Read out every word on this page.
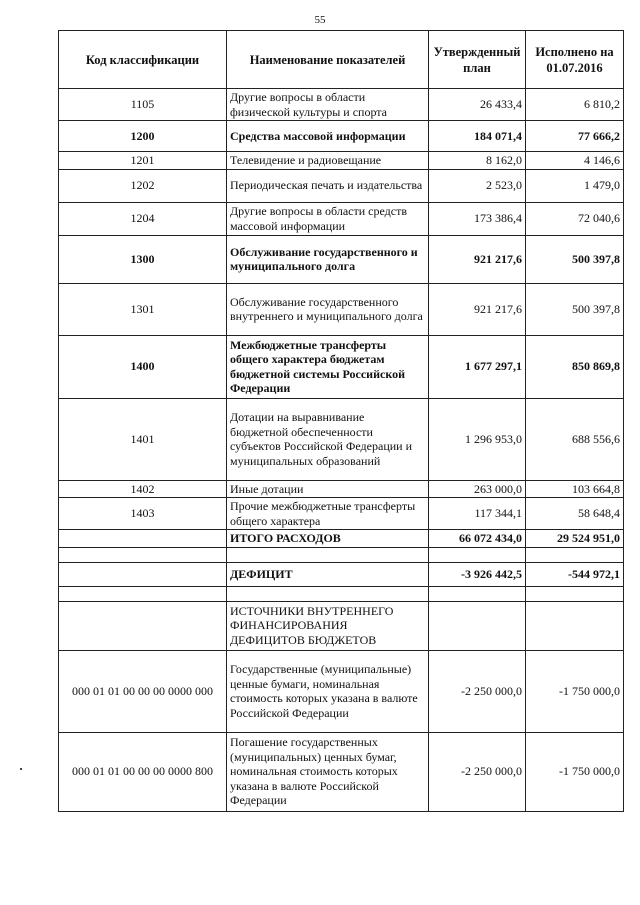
55
Код классификации	Наименование показателей	Утвержденный план	Исполнено на 01.07.2016
1105	Другие вопросы в области физической культуры и спорта	26 433,4	6 810,2
1200	Средства массовой информации	184 071,4	77 666,2
1201	Телевидение и радиовещание	8 162,0	4 146,6
1202	Периодическая печать и издательства	2 523,0	1 479,0
1204	Другие вопросы в области средств массовой информации	173 386,4	72 040,6
1300	Обслуживание государственного и муниципального долга	921 217,6	500 397,8
1301	Обслуживание государственного внутреннего и муниципального долга	921 217,6	500 397,8
1400	Межбюджетные трансферты общего характера бюджетам бюджетной системы Российской Федерации	1 677 297,1	850 869,8
1401	Дотации на выравнивание бюджетной обеспеченности субъектов Российской Федерации и муниципальных образований	1 296 953,0	688 556,6
1402	Иные дотации	263 000,0	103 664,8
1403	Прочие межбюджетные трансферты общего характера	117 344,1	58 648,4
	ИТОГО РАСХОДОВ	66 072 434,0	29 524 951,0

	ДЕФИЦИТ	-3 926 442,5	-544 972,1

	ИСТОЧНИКИ ВНУТРЕННЕГО ФИНАНСИРОВАНИЯ ДЕФИЦИТОВ БЮДЖЕТОВ		
000 01 01 00 00 00 0000 000	Государственные (муниципальные) ценные бумаги, номинальная стоимость которых указана в валюте Российской Федерации	-2 250 000,0	-1 750 000,0
000 01 01 00 00 00 0000 800	Погашение государственных (муниципальных) ценных бумаг, номинальная стоимость которых указана в валюте Российской Федерации	-2 250 000,0	-1 750 000,0
